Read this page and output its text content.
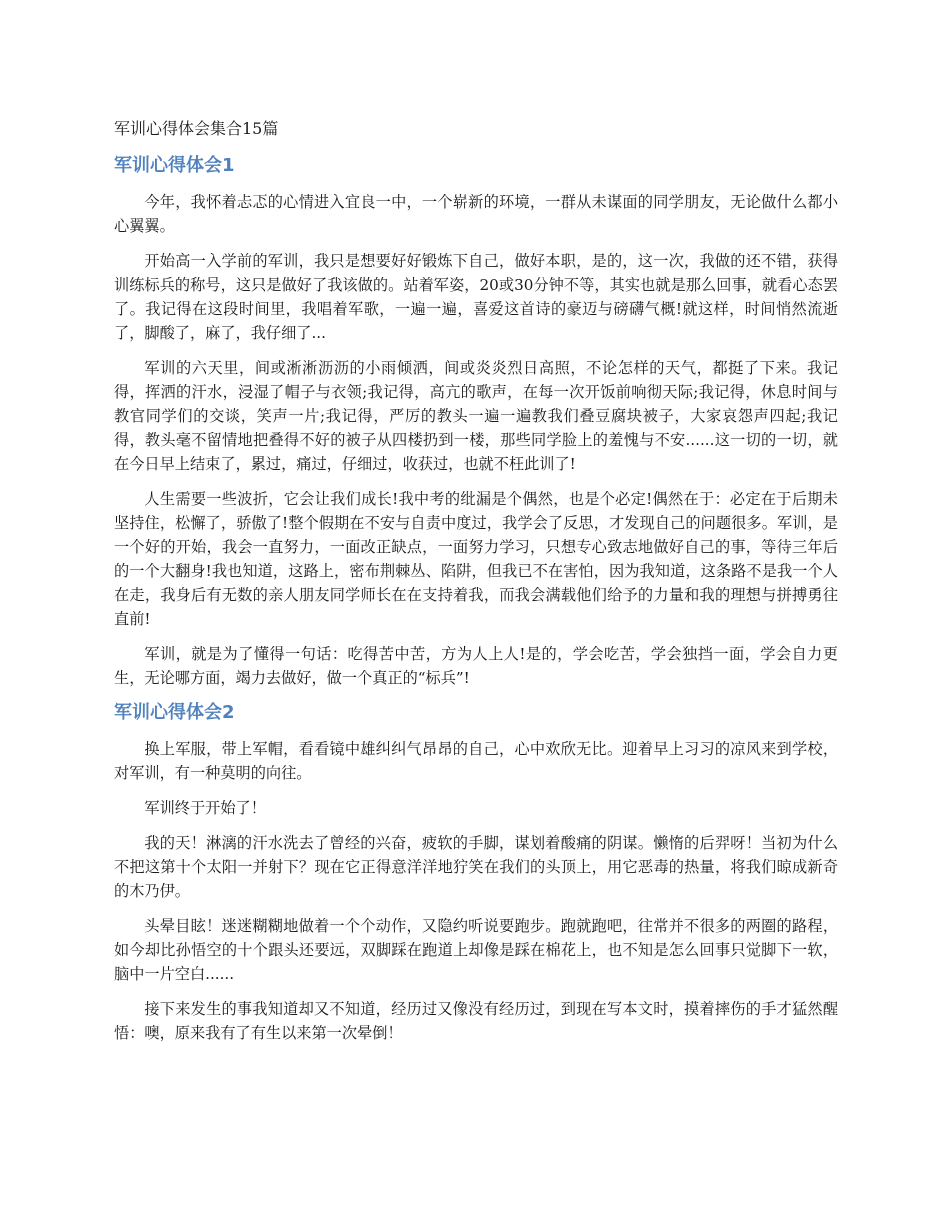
军训心得体会集合15篇
军训心得体会1

今年，我怀着忐忑的心情进入宜良一中，一个崭新的环境，一群从未谋面的同学朋友，无论做什么都小心翼翼。

开始高一入学前的军训，我只是想要好好锻炼下自己，做好本职，是的，这一次，我做的还不错，获得训练标兵的称号，这只是做好了我该做的。站着军姿，20或30分钟不等，其实也就是那么回事，就看心态罢了。我记得在这段时间里，我唱着军歌，一遍一遍，喜爱这首诗的豪迈与磅礴气概!就这样，时间悄然流逝了，脚酸了，麻了，我仔细了...

军训的六天里，间或淅淅沥沥的小雨倾洒，间或炎炎烈日高照，不论怎样的天气，都挺了下来。我记得，挥洒的汗水，浸湿了帽子与衣领;我记得，高亢的歌声，在每一次开饭前响彻天际;我记得，休息时间与教官同学们的交谈，笑声一片;我记得，严厉的教头一遍一遍教我们叠豆腐块被子，大家哀怨声四起;我记得，教头毫不留情地把叠得不好的被子从四楼扔到一楼，那些同学脸上的羞愧与不安......这一切的一切，就在今日早上结束了，累过，痛过，仔细过，收获过，也就不枉此训了!

人生需要一些波折，它会让我们成长!我中考的纰漏是个偶然，也是个必定!偶然在于：必定在于后期未坚持住，松懈了，骄傲了!整个假期在不安与自责中度过，我学会了反思，才发现自己的问题很多。军训，是一个好的开始，我会一直努力，一面改正缺点，一面努力学习，只想专心致志地做好自己的事，等待三年后的一个大翻身!我也知道，这路上，密布荆棘丛、陷阱，但我已不在害怕，因为我知道，这条路不是我一个人在走，我身后有无数的亲人朋友同学师长在在支持着我，而我会满载他们给予的力量和我的理想与拼搏勇往直前!

军训，就是为了懂得一句话：吃得苦中苦，方为人上人!是的，学会吃苦，学会独挡一面，学会自力更生，无论哪方面，竭力去做好，做一个真正的“标兵”!

军训心得体会2

换上军服，带上军帽，看看镜中雄纠纠气昂昂的自己，心中欢欣无比。迎着早上习习的凉风来到学校，对军训，有一种莫明的向往。

军训终于开始了！

我的天！淋漓的汗水洗去了曾经的兴奋，疲软的手脚，谋划着酸痛的阴谋。懒惰的后羿呀！当初为什么不把这第十个太阳一并射下？现在它正得意洋洋地狞笑在我们的头顶上，用它恶毒的热量，将我们晾成新奇的木乃伊。

头晕目眩！迷迷糊糊地做着一个个动作，又隐约听说要跑步。跑就跑吧，往常并不很多的两圈的路程，如今却比孙悟空的十个跟头还要远，双脚踩在跑道上却像是踩在棉花上，也不知是怎么回事只觉脚下一软，脑中一片空白......

接下来发生的事我知道却又不知道，经历过又像没有经历过，到现在写本文时，摸着摔伤的手才猛然醒悟：噢，原来我有了有生以来第一次晕倒！
